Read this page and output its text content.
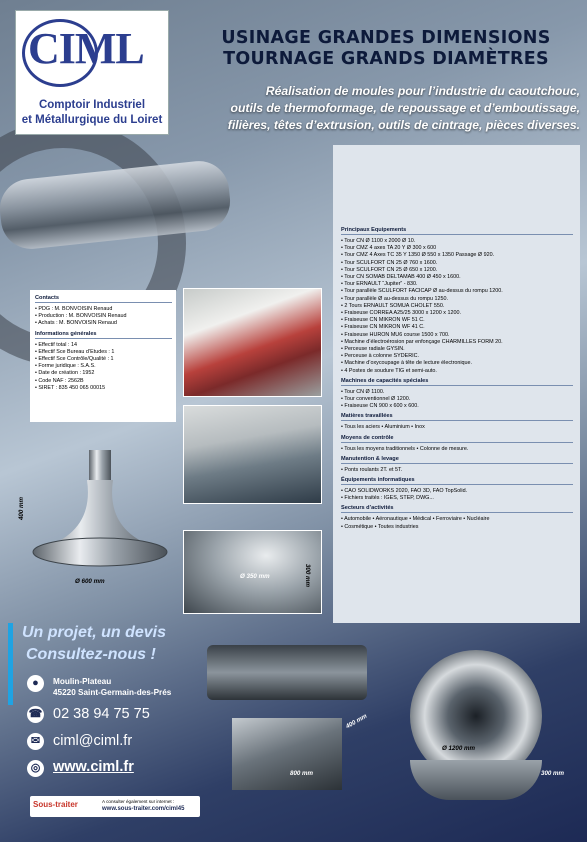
CIML
Comptoir Industriel
et Métallurgique du Loiret
USINAGE GRANDES DIMENSIONS
TOURNAGE GRANDS DIAMÈTRES
Réalisation de moules pour l’industrie du caoutchouc,
outils de thermoformage, de repoussage et d’emboutissage,
filières, têtes d’extrusion, outils de cintrage, pièces diverses.
Contacts
• PDG : M. BONVOISIN Renaud
• Production : M. BONVOISIN Renaud
• Achats : M. BONVOISIN Renaud
Informations générales
• Effectif total : 14
• Effectif Sce Bureau d’Etudes : 1
• Effectif Sce Contrôle/Qualité : 1
• Forme juridique : S.A.S.
• Date de création : 1952
• Code NAF : 2562B
• SIRET : 835 450 065 00015
Principaux Equipements
• Tour CN Ø 1100 x 2000 Ø 10.
• Tour CMZ 4 axes TA 20 Y Ø 300 x 600
• Tour CMZ 4 Axes TC 35 Y 1350 Ø 550 x 1350 Passage Ø 920.
• Tour SCULFORT CN 25 Ø 760 x 1600.
• Tour SCULFORT CN 25 Ø 650 x 1200.
• Tour CN SOMAB DELTAMAB 400 Ø 450 x 1600.
• Tour ERNAULT “Jupiter” - 830.
• Tour parallèle SCULFORT FACICAP Ø au-dessus du rompu 1200.
• Tour parallèle Ø au-dessus du rompu 1250.
• 2 Tours ERNAULT SOMUA CHOLET 550.
• Fraiseuse CORREA A25/25 3000 x 1200 x 1200.
• Fraiseuse CN MIKRON WF 51 C.
• Fraiseuse CN MIKRON WF 41 C.
• Fraiseuse HURON MU6 course 1500 x 700.
• Machine d’électroérosion par enfonçage CHARMILLES FORM 20.
• Perceuse radiale GYSIN.
• Perceuse à colonne SYDERIC.
• Machine d’oxycoupage à tête de lecture électronique.
• 4 Postes de soudure TIG et semi-auto.
Machines de capacités spéciales
• Tour CN Ø 1100.
• Tour conventionnel Ø 1200.
• Fraiseuse CN 900 x 600 x 600.
Matières travaillées
• Tous les aciers • Aluminium • Inox
Moyens de contrôle
• Tous les moyens traditionnels • Colonne de mesure.
Manutention & levage
• Ponts roulants 2T. et 5T.
Équipements informatiques
• CAO SOLIDWORKS 2020, FAO 3D, FAO TopSolid.
• Fichiers traités : IGES, STEP, DWG...
Secteurs d’activités
• Automobile • Aéronautique • Médical • Ferroviaire • Nucléaire
• Cosmétique • Toutes industries
400 mm
Ø 600 mm
Ø 350 mm	300 mm
Un projet, un devis
Consultez-nous !
●	Moulin-Plateau
45220 Saint-Germain-des-Prés
☎ 02 38 94 75 75
✉ ciml@ciml.fr
◎ www.ciml.fr
Sous-traiter	A consulter également sur internet :
www.sous-traiter.com/ciml45
400 mm
800 mm
Ø 1200 mm
300 mm
